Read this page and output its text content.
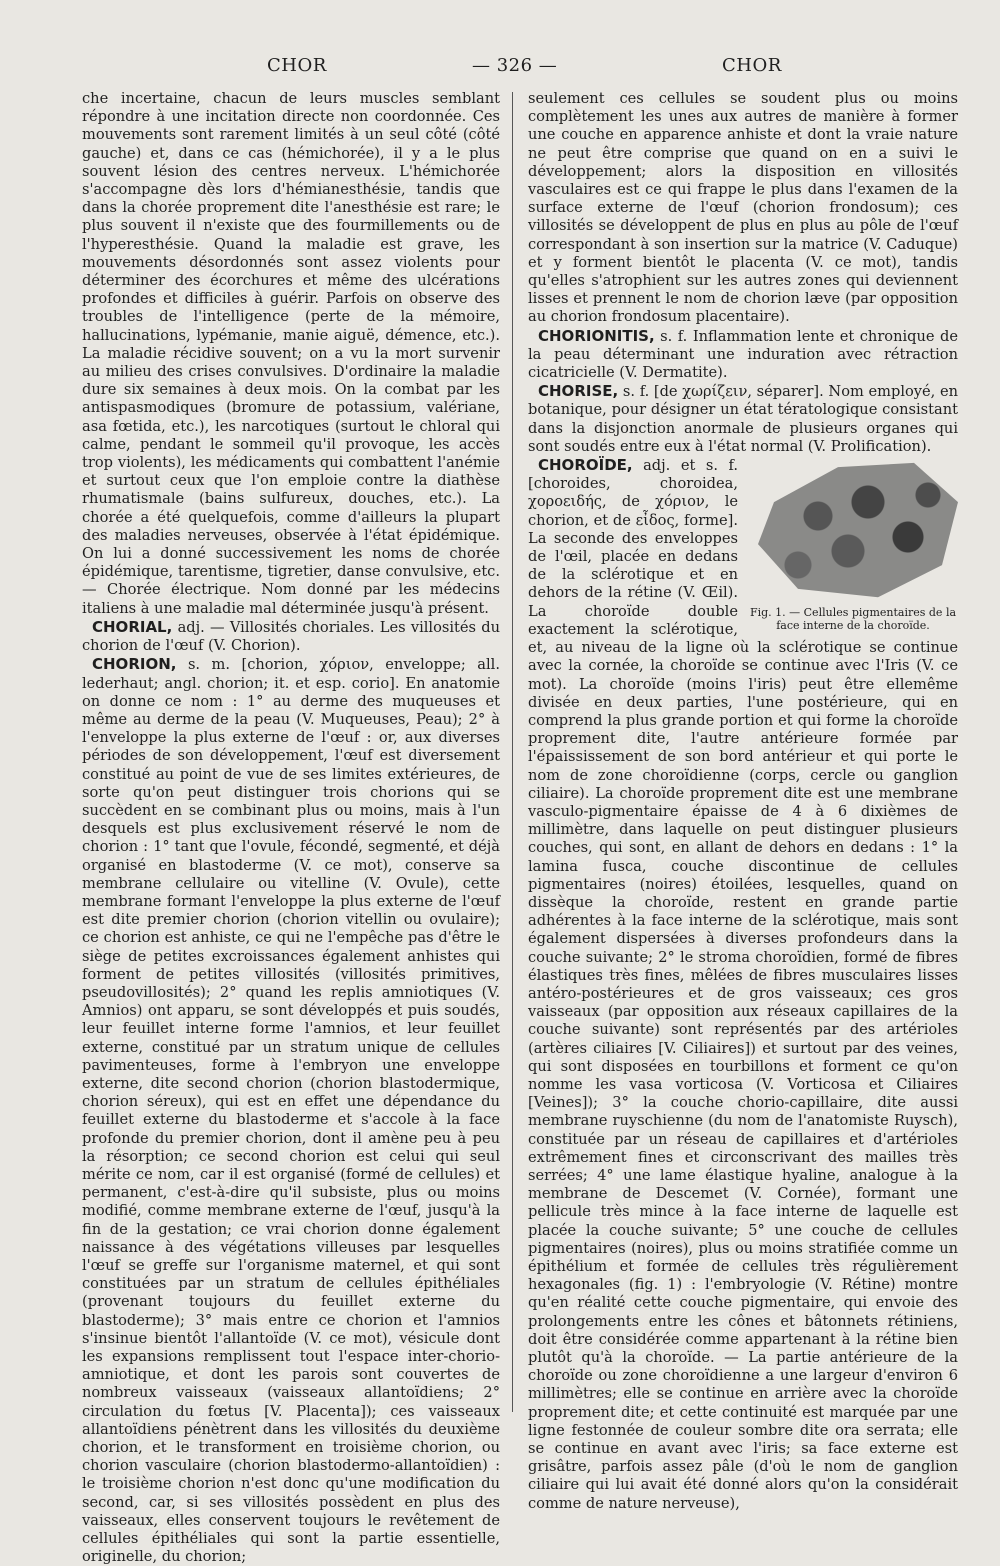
CHOR	— 326 —	CHOR

che incertaine, chacun de leurs muscles semblant répondre à une incitation directe non coordonnée. Ces mouvements sont rarement limités à un seul côté (côté gauche) et, dans ce cas (hémichorée), il y a le plus souvent lésion des centres nerveux. L'hémichorée s'accompagne dès lors d'hémianesthésie, tandis que dans la chorée proprement dite l'anesthésie est rare; le plus souvent il n'existe que des fourmillements ou de l'hyperesthésie. Quand la maladie est grave, les mouvements désordonnés sont assez violents pour déterminer des écorchures et même des ulcérations profondes et difficiles à guérir. Parfois on observe des troubles de l'intelligence (perte de la mémoire, hallucinations, lypémanie, manie aiguë, démence, etc.). La maladie récidive souvent; on a vu la mort survenir au milieu des crises convulsives. D'ordinaire la maladie dure six semaines à deux mois. On la combat par les antispasmodiques (bromure de potassium, valériane, asa fœtida, etc.), les narcotiques (surtout le chloral qui calme, pendant le sommeil qu'il provoque, les accès trop violents), les médicaments qui combattent l'anémie et surtout ceux que l'on emploie contre la diathèse rhumatismale (bains sulfureux, douches, etc.). La chorée a été quelquefois, comme d'ailleurs la plupart des maladies nerveuses, observée à l'état épidémique. On lui a donné successivement les noms de chorée épidémique, tarentisme, tigretier, danse convulsive, etc. — Chorée électrique. Nom donné par les médecins italiens à une maladie mal déterminée jusqu'à présent.

CHORIAL, adj. — Villosités choriales. Les villosités du chorion de l'œuf (V. Chorion).

CHORION, s. m. [chorion, χόριον, enveloppe; all. lederhaut; angl. chorion; it. et esp. corio]. En anatomie on donne ce nom : 1° au derme des muqueuses et même au derme de la peau (V. Muqueuses, Peau); 2° à l'enveloppe la plus externe de l'œuf : or, aux diverses périodes de son développement, l'œuf est diversement constitué au point de vue de ses limites extérieures, de sorte qu'on peut distinguer trois chorions qui se succèdent en se combinant plus ou moins, mais à l'un desquels est plus exclusivement réservé le nom de chorion : 1° tant que l'ovule, fécondé, segmenté, et déjà organisé en blastoderme (V. ce mot), conserve sa membrane cellulaire ou vitelline (V. Ovule), cette membrane formant l'enveloppe la plus externe de l'œuf est dite premier chorion (chorion vitellin ou ovulaire); ce chorion est anhiste, ce qui ne l'empêche pas d'être le siège de petites excroissances également anhistes qui forment de petites villosités (villosités primitives, pseudovillosités); 2° quand les replis amniotiques (V. Amnios) ont apparu, se sont développés et puis soudés, leur feuillet interne forme l'amnios, et leur feuillet externe, constitué par un stratum unique de cellules pavimenteuses, forme à l'embryon une enveloppe externe, dite second chorion (chorion blastodermique, chorion séreux), qui est en effet une dépendance du feuillet externe du blastoderme et s'accole à la face profonde du premier chorion, dont il amène peu à peu la résorption; ce second chorion est celui qui seul mérite ce nom, car il est organisé (formé de cellules) et permanent, c'est-à-dire qu'il subsiste, plus ou moins modifié, comme membrane externe de l'œuf, jusqu'à la fin de la gestation; ce vrai chorion donne également naissance à des végétations villeuses par lesquelles l'œuf se greffe sur l'organisme maternel, et qui sont constituées par un stratum de cellules épithéliales (provenant toujours du feuillet externe du blastoderme); 3° mais entre ce chorion et l'amnios s'insinue bientôt l'allantoïde (V. ce mot), vésicule dont les expansions remplissent tout l'espace inter-chorio-amniotique, et dont les parois sont couvertes de nombreux vaisseaux (vaisseaux allantoïdiens; 2° circulation du fœtus [V. Placenta]); ces vaisseaux allantoïdiens pénètrent dans les villosités du deuxième chorion, et le transforment en troisième chorion, ou chorion vasculaire (chorion blastodermo-allantoïdien) : le troisième chorion n'est donc qu'une modification du second, car, si ses villosités possèdent en plus des vaisseaux, elles conservent toujours le revêtement de cellules épithéliales qui sont la partie essentielle, originelle, du chorion;

seulement ces cellules se soudent plus ou moins complètement les unes aux autres de manière à former une couche en apparence anhiste et dont la vraie nature ne peut être comprise que quand on en a suivi le développement; alors la disposition en villosités vasculaires est ce qui frappe le plus dans l'examen de la surface externe de l'œuf (chorion frondosum); ces villosités se développent de plus en plus au pôle de l'œuf correspondant à son insertion sur la matrice (V. Caduque) et y forment bientôt le placenta (V. ce mot), tandis qu'elles s'atrophient sur les autres zones qui deviennent lisses et prennent le nom de chorion læve (par opposition au chorion frondosum placentaire).

CHORIONITIS, s. f. Inflammation lente et chronique de la peau déterminant une induration avec rétraction cicatricielle (V. Dermatite).

CHORISE, s. f. [de χωρίζειν, séparer]. Nom employé, en botanique, pour désigner un état tératologique consistant dans la disjonction anormale de plusieurs organes qui sont soudés entre eux à l'état normal (V. Prolification).

Fig. 1. — Cellules pigmentaires de la face interne de la choroïde.
CHOROÏDE, adj. et s. f. [choroides, choroidea, χοροειδής, de χόριον, le chorion, et de εἶδος, forme]. La seconde des enveloppes de l'œil, placée en dedans de la sclérotique et en dehors de la rétine (V. Œil). La choroïde double exactement la sclérotique, et, au niveau de la ligne où la sclérotique se continue avec la cornée, la choroïde se continue avec l'Iris (V. ce mot). La choroïde (moins l'iris) peut être ellemême divisée en deux parties, l'une postérieure, qui en comprend la plus grande portion et qui forme la choroïde proprement dite, l'autre antérieure formée par l'épaississement de son bord antérieur et qui porte le nom de zone choroïdienne (corps, cercle ou ganglion ciliaire). La choroïde proprement dite est une membrane vasculo-pigmentaire épaisse de 4 à 6 dixièmes de millimètre, dans laquelle on peut distinguer plusieurs couches, qui sont, en allant de dehors en dedans : 1° la lamina fusca, couche discontinue de cellules pigmentaires (noires) étoilées, lesquelles, quand on dissèque la choroïde, restent en grande partie adhérentes à la face interne de la sclérotique, mais sont également dispersées à diverses profondeurs dans la couche suivante; 2° le stroma choroïdien, formé de fibres élastiques très fines, mêlées de fibres musculaires lisses antéro-postérieures et de gros vaisseaux; ces gros vaisseaux (par opposition aux réseaux capillaires de la couche suivante) sont représentés par des artérioles (artères ciliaires [V. Ciliaires]) et surtout par des veines, qui sont disposées en tourbillons et forment ce qu'on nomme les vasa vorticosa (V. Vorticosa et Ciliaires [Veines]); 3° la couche chorio-capillaire, dite aussi membrane ruyschienne (du nom de l'anatomiste Ruysch), constituée par un réseau de capillaires et d'artérioles extrêmement fines et circonscrivant des mailles très serrées; 4° une lame élastique hyaline, analogue à la membrane de Descemet (V. Cornée), formant une pellicule très mince à la face interne de laquelle est placée la couche suivante; 5° une couche de cellules pigmentaires (noires), plus ou moins stratifiée comme un épithélium et formée de cellules très régulièrement hexagonales (fig. 1) : l'embryologie (V. Rétine) montre qu'en réalité cette couche pigmentaire, qui envoie des prolongements entre les cônes et bâtonnets rétiniens, doit être considérée comme appartenant à la rétine bien plutôt qu'à la choroïde. — La partie antérieure de la choroïde ou zone choroïdienne a une largeur d'environ 6 millimètres; elle se continue en arrière avec la choroïde proprement dite; et cette continuité est marquée par une ligne festonnée de couleur sombre dite ora serrata; elle se continue en avant avec l'iris; sa face externe est grisâtre, parfois assez pâle (d'où le nom de ganglion ciliaire qui lui avait été donné alors qu'on la considérait comme de nature nerveuse),
